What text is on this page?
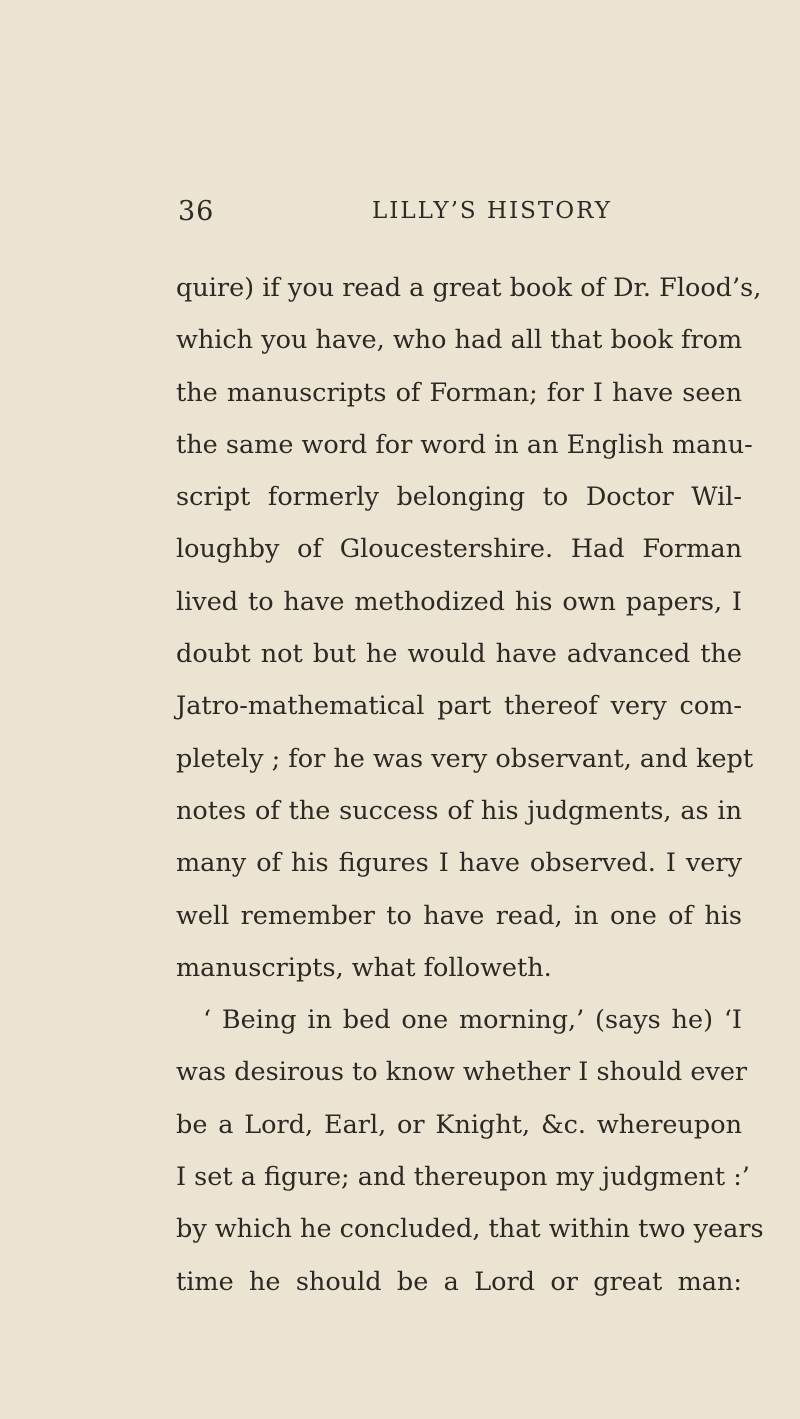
36	LILLY’S HISTORY
quire) if you read a great book of Dr. Flood’s,
which you have, who had all that book from
the manuscripts of Forman; for I have seen
the same word for word in an English manu-
script formerly belonging to Doctor Wil-
loughby of Gloucestershire. Had Forman
lived to have methodized his own papers, I
doubt not but he would have advanced the
Jatro-mathematical part thereof very com-
pletely ; for he was very observant, and kept
notes of the success of his judgments, as in
many of his figures I have observed. I very
well remember to have read, in one of his
manuscripts, what followeth.
‘ Being in bed one morning,’ (says he) ‘I
was desirous to know whether I should ever
be a Lord, Earl, or Knight, &c. whereupon
I set a figure; and thereupon my judgment :’
by which he concluded, that within two years
time he should be a Lord or great man:
